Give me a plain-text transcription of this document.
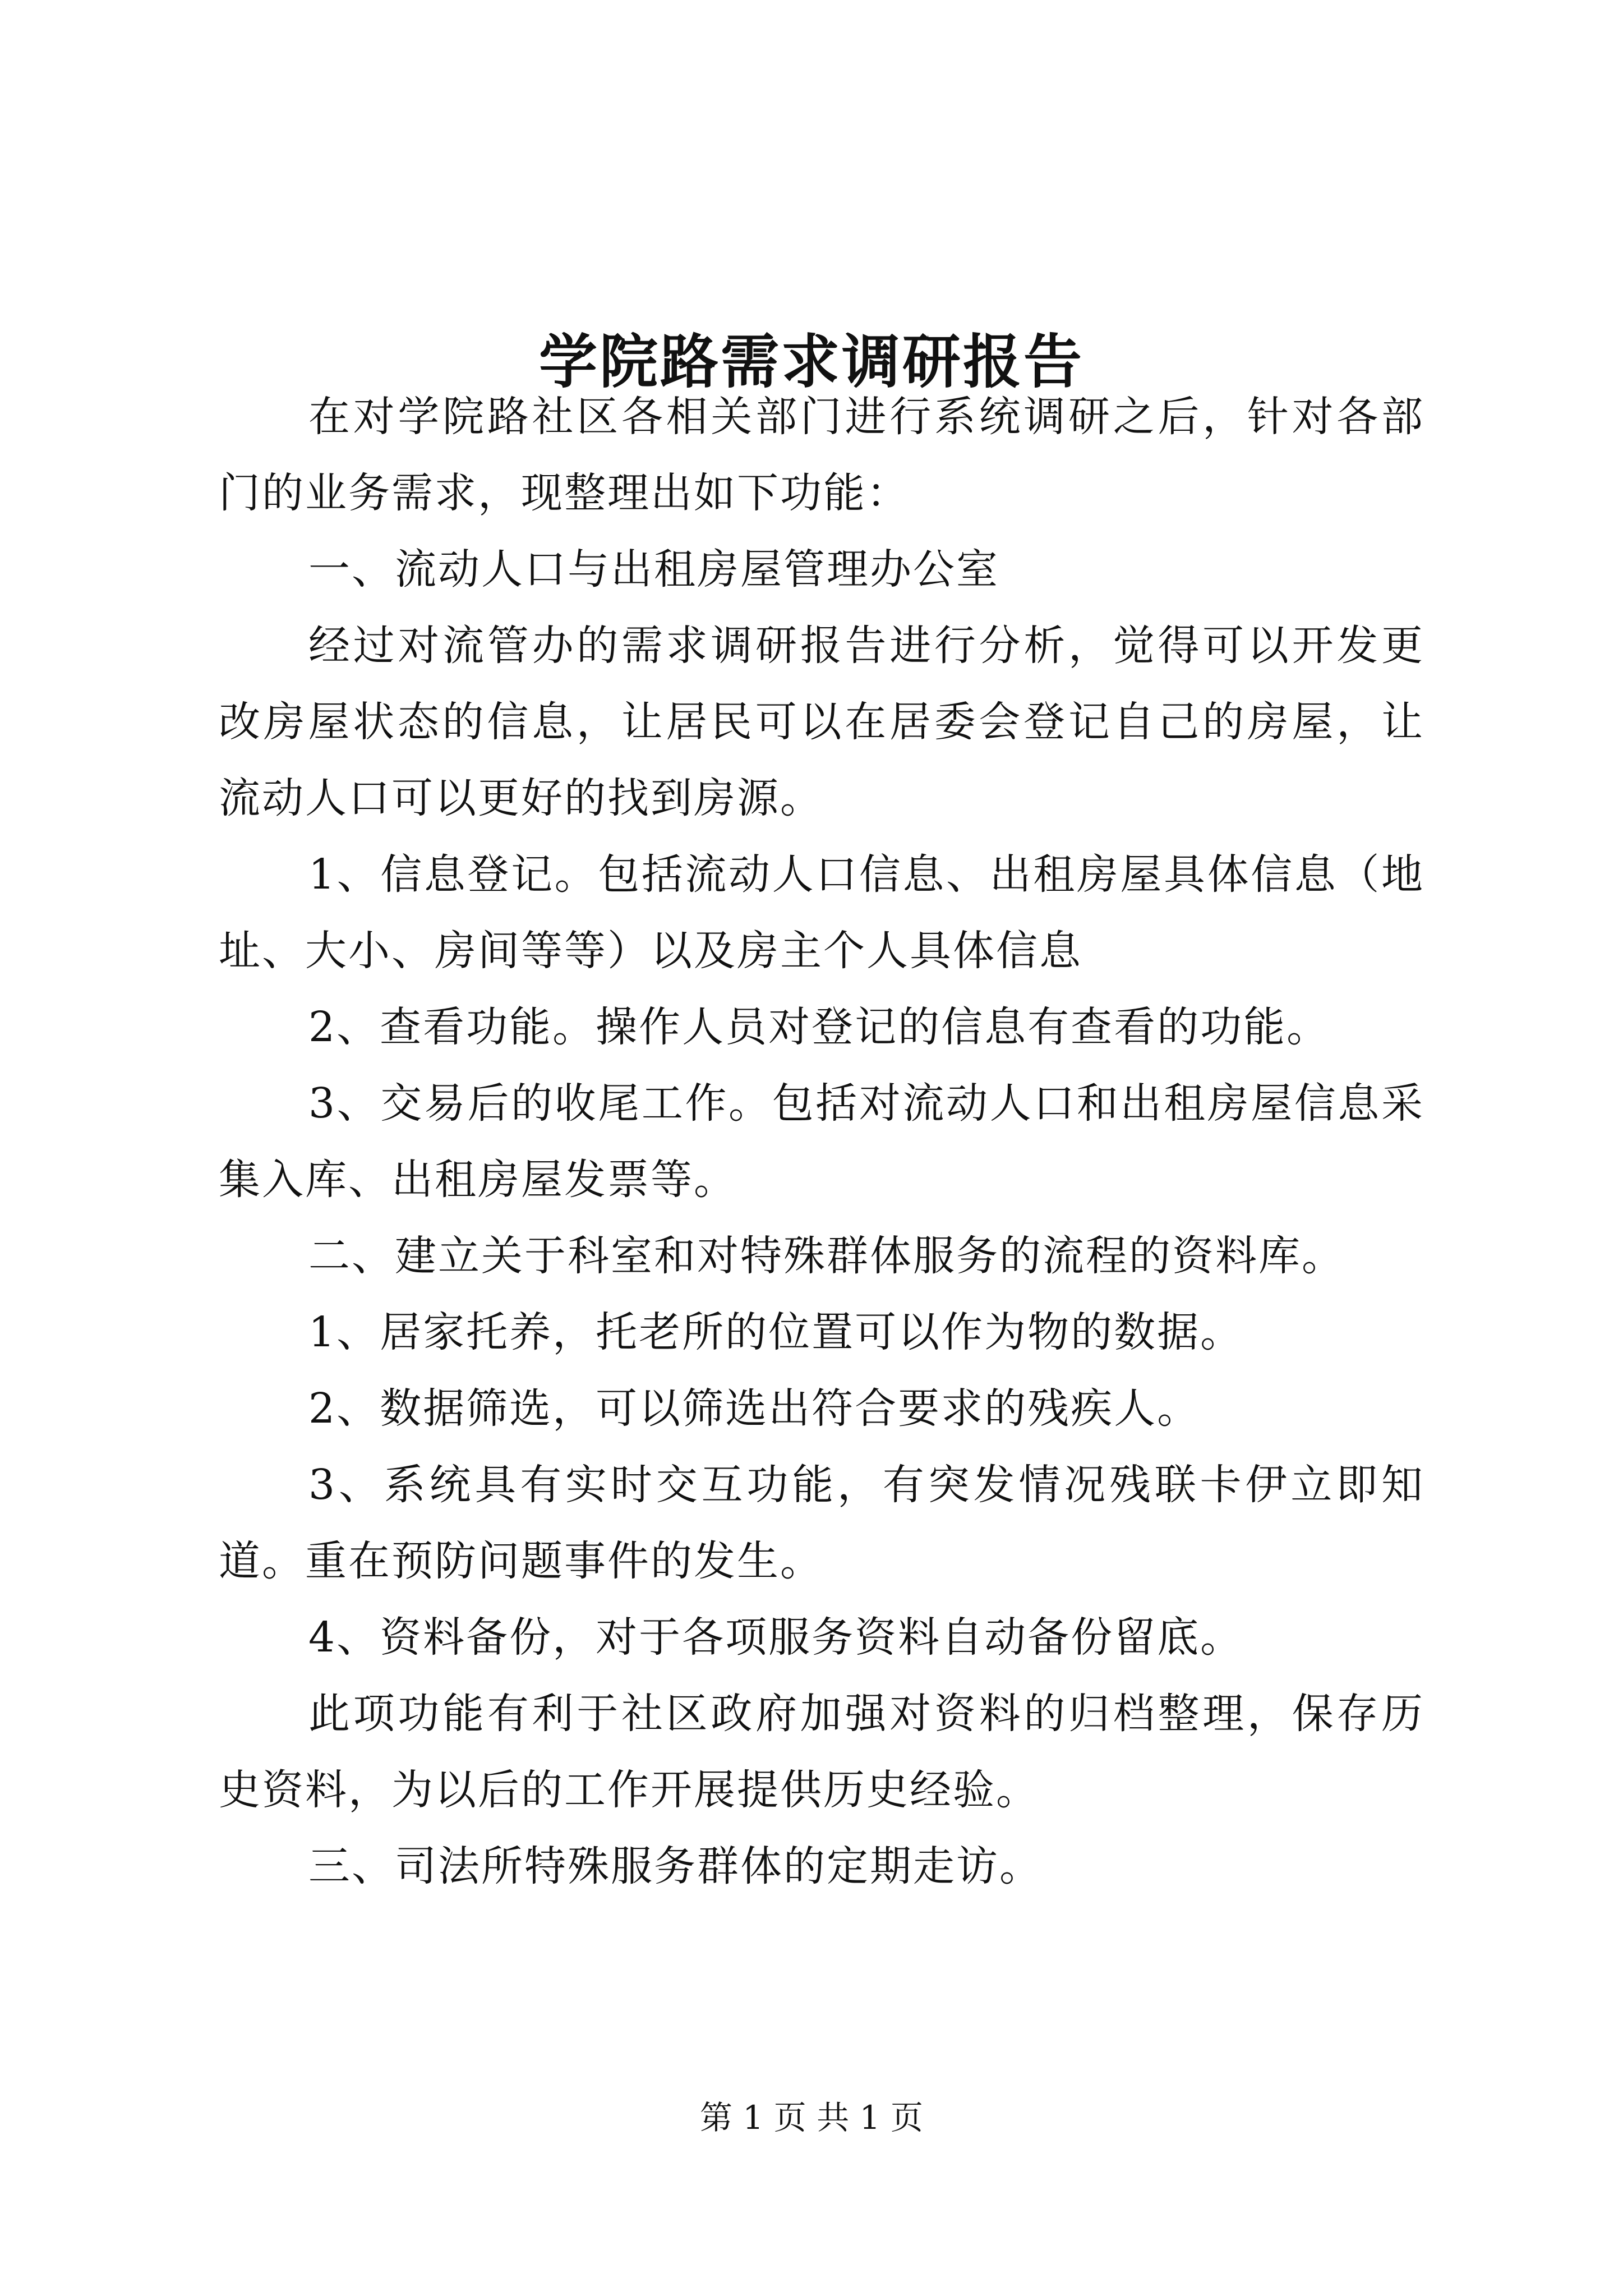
学院路需求调研报告

在对学院路社区各相关部门进行系统调研之后，针对各部门的业务需求，现整理出如下功能：

一、流动人口与出租房屋管理办公室

经过对流管办的需求调研报告进行分析，觉得可以开发更改房屋状态的信息，让居民可以在居委会登记自己的房屋，让流动人口可以更好的找到房源。

1、信息登记。包括流动人口信息、出租房屋具体信息（地址、大小、房间等等）以及房主个人具体信息

2、查看功能。操作人员对登记的信息有查看的功能。

3、交易后的收尾工作。包括对流动人口和出租房屋信息采集入库、出租房屋发票等。

二、建立关于科室和对特殊群体服务的流程的资料库。

1、居家托养，托老所的位置可以作为物的数据。

2、数据筛选，可以筛选出符合要求的残疾人。

3、系统具有实时交互功能，有突发情况残联卡伊立即知道。重在预防问题事件的发生。

4、资料备份，对于各项服务资料自动备份留底。

此项功能有利于社区政府加强对资料的归档整理，保存历史资料，为以后的工作开展提供历史经验。

三、司法所特殊服务群体的定期走访。

第 1 页 共 1 页
